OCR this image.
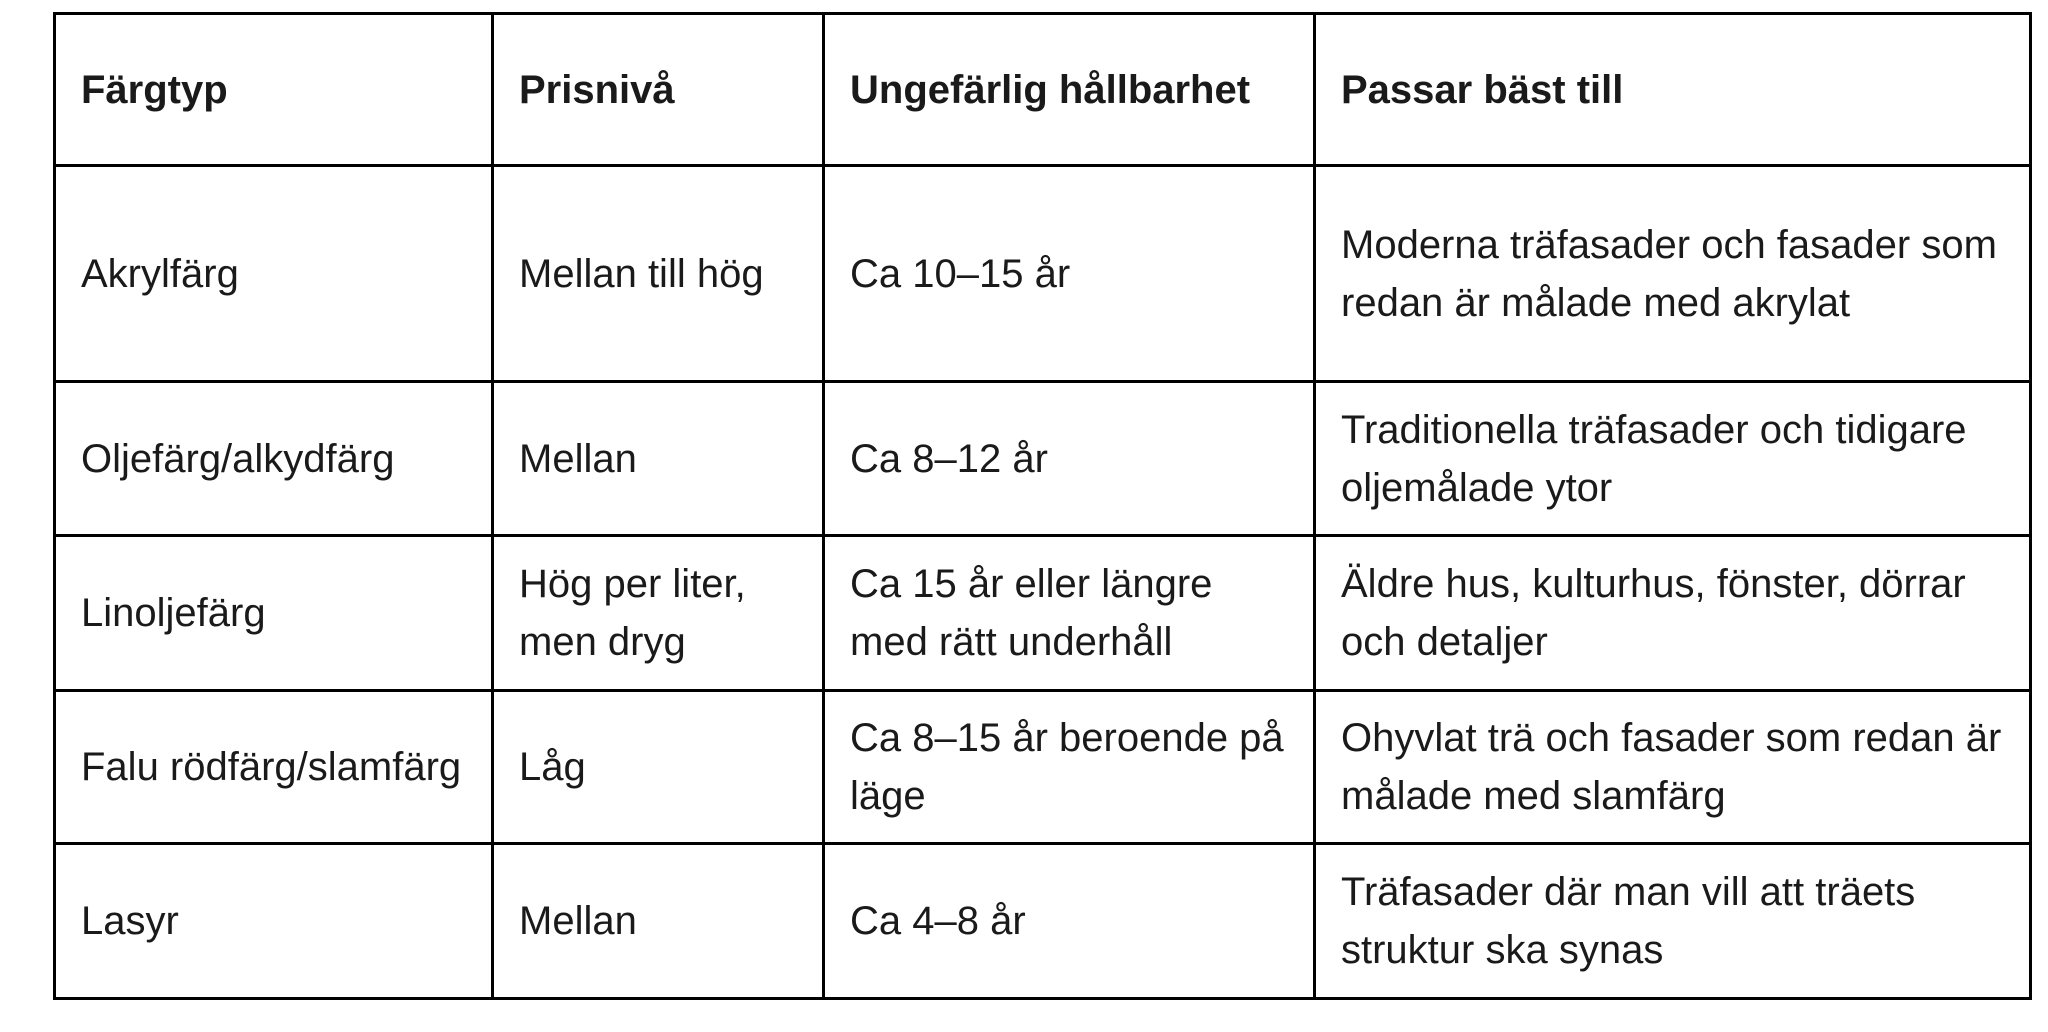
Färgtyp	Prisnivå	Ungefärlig hållbarhet	Passar bäst till
Akrylfärg	Mellan till hög	Ca 10–15 år	Moderna träfasader och fasader som redan är målade med akrylat
Oljefärg/alkydfärg	Mellan	Ca 8–12 år	Traditionella träfasader och tidigare oljemålade ytor
Linoljefärg	Hög per liter, men dryg	Ca 15 år eller längre med rätt underhåll	Äldre hus, kulturhus, fönster, dörrar och detaljer
Falu rödfärg/slamfärg	Låg	Ca 8–15 år beroende på läge	Ohyvlat trä och fasader som redan är målade med slamfärg
Lasyr	Mellan	Ca 4–8 år	Träfasader där man vill att träets struktur ska synas
